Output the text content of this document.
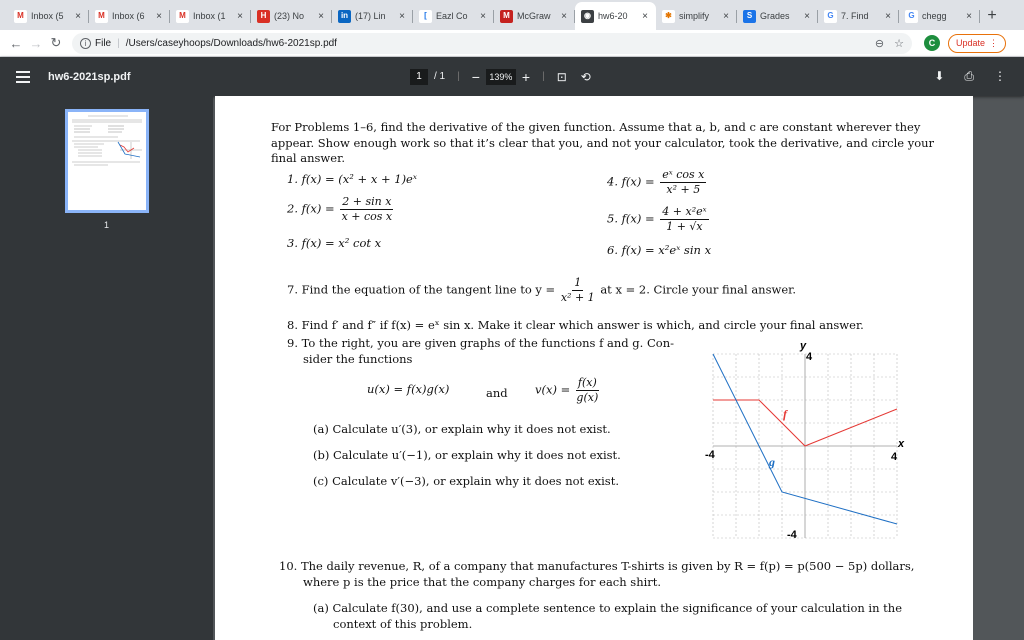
M Inbox (5	×	M Inbox (6	×	M Inbox (1	×	H (23) No	×	in (17) Lin	×	[	Eazl Co	×	M McGraw	×	◉ hw6-20	×	✱ simplify	×	S Grades	×	G 7. Find	×	G chegg	× +
← → ↻	i File | /Users/caseyhoops/Downloads/hw6-2021sp.pdf	⊖ ☆	C	Update ⋮
hw6-2021sp.pdf	1	/ 1 | −	139% + | ⊡ ⟲	⬇ ⎙ ⋮
1
For Problems 1–6, find the derivative of the given function. Assume that a, b, and c are constant wherever they
appear. Show enough work so that it’s clear that you, and not your calculator, took the derivative, and circle your
final answer.
1. f(x) = (x² + x + 1)eˣ
2. $f(x) = \frac{\text{2 + sin x}}{\text{x + cos x}}$
3. f(x) = x² cot x
4. $f(x) = \frac{\text{eˣ cos x}}{\text{x² + 5}}$
5. $f(x) = \frac{\text{4 + x²eˣ}}{1 + √x}$
6. f(x) = x²eˣ sin x
7. Find the equation of the tangent line to $y = \frac{1}{\text{x² + 1}}$ at x = 2. Circle your final answer.
8. Find f′ and f″ if f(x) = eˣ sin x. Make it clear which answer is which, and circle your final answer.
9. To the right, you are given graphs of the functions f and g. Con-
sider the functions
u(x) = f(x)g(x)	and $v(x) = \frac{f(x)}{g(x)}$
(a) Calculate u′(3), or explain why it does not exist.
(b) Calculate u′(−1), or explain why it does not exist.
(c) Calculate v′(−3), or explain why it does not exist.
y
4
x
-4	4
-4
f
g
10. The daily revenue, R, of a company that manufactures T-shirts is given by R = f(p) = p(500 − 5p) dollars,
where p is the price that the company charges for each shirt.
(a) Calculate f(30), and use a complete sentence to explain the significance of your calculation in the
context of this problem.
